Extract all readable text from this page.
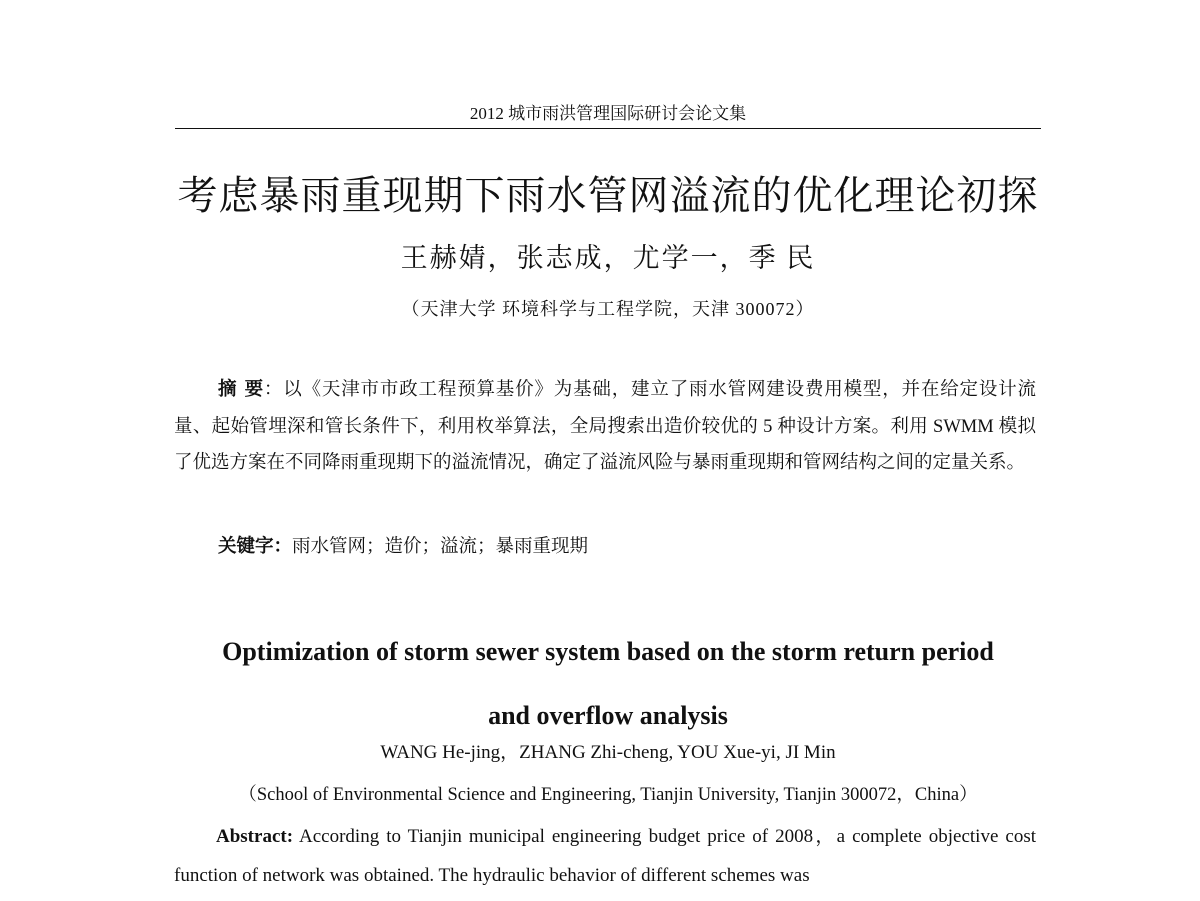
2012 城市雨洪管理国际研讨会论文集
考虑暴雨重现期下雨水管网溢流的优化理论初探
王赫婧，张志成，尤学一，季 民
（天津大学 环境科学与工程学院，天津 300072）

摘 要：以《天津市市政工程预算基价》为基础，建立了雨水管网建设费用模型，并在给定设计流量、起始管埋深和管长条件下，利用枚举算法，全局搜索出造价较优的 5 种设计方案。利用 SWMM 模拟了优选方案在不同降雨重现期下的溢流情况，确定了溢流风险与暴雨重现期和管网结构之间的定量关系。

关键字：雨水管网；造价；溢流；暴雨重现期

Optimization of storm sewer system based on the storm return period
and overflow analysis
WANG He-jing，ZHANG Zhi-cheng, YOU Xue-yi, JI Min
（School of Environmental Science and Engineering, Tianjin University, Tianjin 300072，China）

Abstract: According to Tianjin municipal engineering budget price of 2008，a complete objective cost function of network was obtained. The hydraulic behavior of different schemes was
